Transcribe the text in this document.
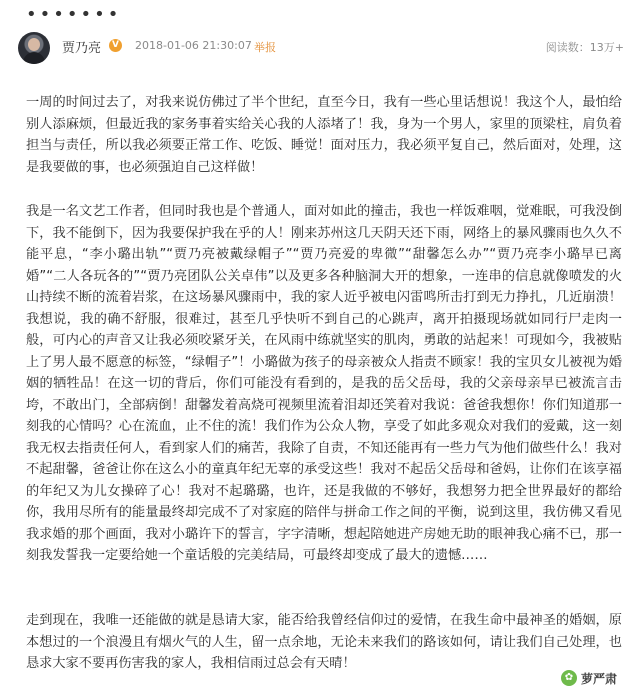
•••••••
贾乃亮	V 2018-01-06 21:30:07 举报	阅读数：13万+

一周的时间过去了，对我来说仿佛过了半个世纪，直至今日，我有一些心里话想说！我这个人，最怕给别人添麻烦，但最近我的家务事着实给关心我的人添堵了！我，身为一个男人，家里的顶梁柱，肩负着担当与责任，所以我必须要正常工作、吃饭、睡觉！面对压力，我必须平复自己，然后面对，处理，这是我要做的事，也必须强迫自己这样做！

我是一名文艺工作者，但同时我也是个普通人，面对如此的撞击，我也一样饭难咽，觉难眠，可我没倒下，我不能倒下，因为我要保护我在乎的人！刚来苏州这几天阴天还下雨，网络上的暴风骤雨也久久不能平息，“李小璐出轨”“贾乃亮被戴绿帽子”“贾乃亮爱的卑微”“甜馨怎么办”“贾乃亮李小璐早已离婚”“二人各玩各的”“贾乃亮团队公关卓伟”以及更多各种脑洞大开的想象，一连串的信息就像喷发的火山持续不断的流着岩浆，在这场暴风骤雨中，我的家人近乎被电闪雷鸣所击打到无力挣扎，几近崩溃！我想说，我的确不舒服，很难过，甚至几乎快听不到自己的心跳声，离开拍摄现场就如同行尸走肉一般，可内心的声音又让我必须咬紧牙关，在风雨中练就坚实的肌肉，勇敢的站起来！可现如今，我被贴上了男人最不愿意的标签，“绿帽子”！小璐做为孩子的母亲被众人指责不顾家！我的宝贝女儿被视为婚姻的牺牲品！在这一切的背后，你们可能没有看到的，是我的岳父岳母，我的父亲母亲早已被流言击垮，不敢出门，全部病倒！甜馨发着高烧可视频里流着泪却还笑着对我说：爸爸我想你！你们知道那一刻我的心情吗？心在流血，止不住的流！我们作为公众人物，享受了如此多观众对我们的爱戴，这一刻我无权去指责任何人，看到家人们的痛苦，我除了自责，不知还能再有一些力气为他们做些什么！我对不起甜馨，爸爸让你在这么小的童真年纪无辜的承受这些！我对不起岳父岳母和爸妈，让你们在该享福的年纪又为儿女操碎了心！我对不起璐璐，也许，还是我做的不够好，我想努力把全世界最好的都给你，我用尽所有的能量最终却完成不了对家庭的陪伴与拼命工作之间的平衡，说到这里，我仿佛又看见我求婚的那个画面，我对小璐许下的誓言，字字清晰，想起陪她进产房她无助的眼神我心痛不已，那一刻我发誓我一定要给她一个童话般的完美结局，可最终却变成了最大的遗憾……

走到现在，我唯一还能做的就是恳请大家，能否给我曾经信仰过的爱情，在我生命中最神圣的婚姻，原本想过的一个浪漫且有烟火气的人生，留一点余地，无论未来我们的路该如何，请让我们自己处理，也恳求大家不要再伤害我的家人，我相信雨过总会有天晴！

✿ 萝严肃
